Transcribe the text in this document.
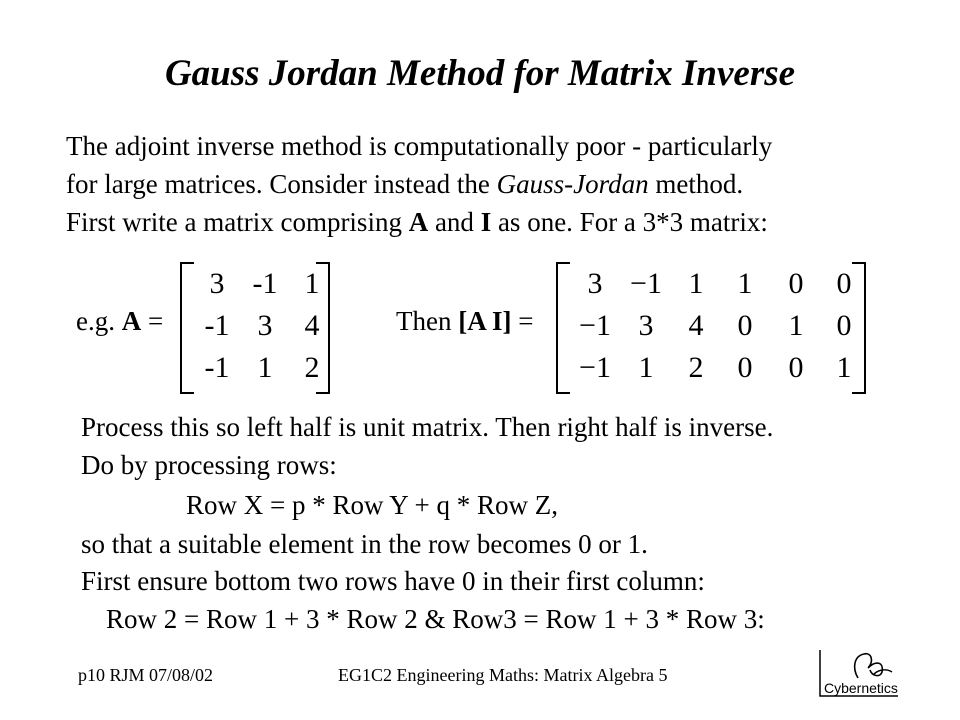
Gauss Jordan Method for Matrix Inverse
The adjoint inverse method is computationally poor - particularly
for large matrices. Consider instead the Gauss-Jordan method.
First write a matrix comprising A and I as one. For a 3*3 matrix:
e.g. A =
3 -1 1
-1 3	4
-1 1	2
Then [A I] =
3 −1 1	1	0	0
−1 3	4	0	1	0
−1 1	2	0	0	1
Process this so left half is unit matrix. Then right half is inverse.
Do by processing rows:
Row X = p * Row Y + q * Row Z,
so that a suitable element in the row becomes 0 or 1.
First ensure bottom two rows have 0 in their first column:
Row 2 = Row 1 + 3 * Row 2 & Row3 = Row 1 + 3 * Row 3:
p10 RJM 07/08/02	EG1C2 Engineering Maths: Matrix Algebra 5
Cybernetics
